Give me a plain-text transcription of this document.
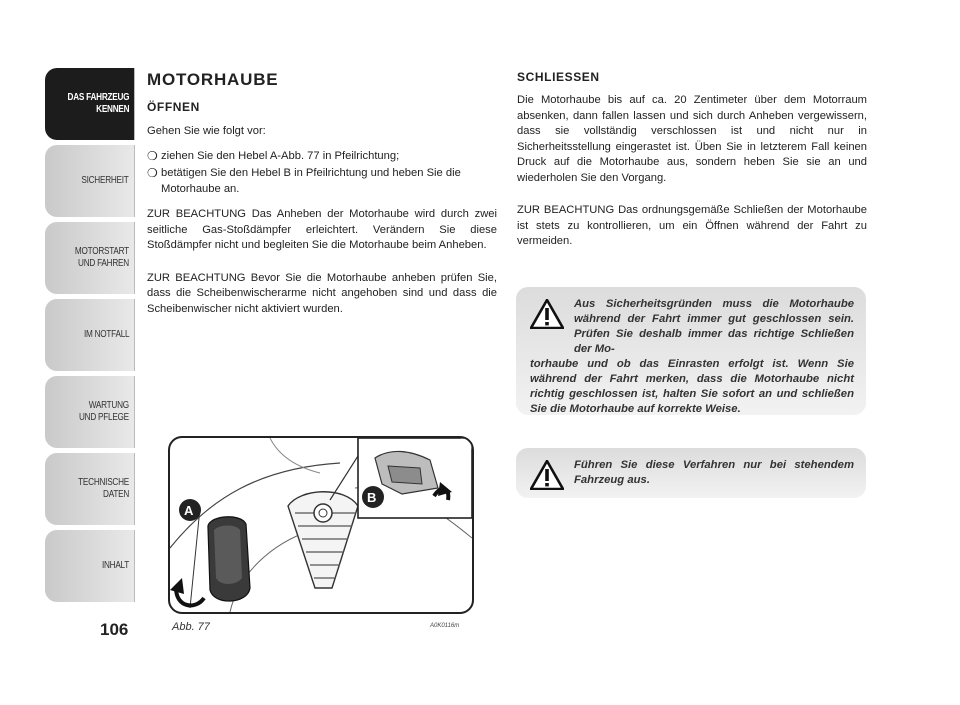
DAS FAHRZEUG
KENNEN
SICHERHEIT
MOTORSTART
UND FAHREN
IM NOTFALL
WARTUNG
UND PFLEGE
TECHNISCHE
DATEN
INHALT
106
MOTORHAUBE
ÖFFNEN

Gehen Sie wie folgt vor:

❍ ziehen Sie den Hebel A-Abb. 77 in Pfeilrichtung;
❍ betätigen Sie den Hebel B in Pfeilrichtung und heben Sie die Motorhaube an.

ZUR BEACHTUNG Das Anheben der Motorhaube wird durch zwei seitliche Gas-Stoßdämpfer erleichtert. Verändern Sie diese Stoßdämpfer nicht und begleiten Sie die Motorhaube beim Anheben.

ZUR BEACHTUNG Bevor Sie die Motorhaube anheben prüfen Sie, dass die Scheibenwischerarme nicht angehoben sind und dass die Scheibenwischer nicht aktiviert wurden.

SCHLIESSEN

Die Motorhaube bis auf ca. 20 Zentimeter über dem Motorraum absenken, dann fallen lassen und sich durch Anheben vergewissern, dass sie vollständig verschlossen ist und nicht nur in Sicherheitsstellung eingerastet ist. Üben Sie in letzterem Fall keinen Druck auf die Motorhaube aus, sondern heben Sie sie an und wiederholen Sie den Vorgang.

ZUR BEACHTUNG Das ordnungsgemäße Schließen der Motorhaube ist stets zu kontrollieren, um ein Öffnen während der Fahrt zu vermeiden.

Aus Sicherheitsgründen muss die Motorhaube während der Fahrt immer gut geschlossen sein. Prüfen Sie deshalb immer das richtige Schließen der Mo-
torhaube und ob das Einrasten erfolgt ist. Wenn Sie während der Fahrt merken, dass die Motorhaube nicht richtig geschlossen ist, halten Sie sofort an und schließen Sie die Motorhaube auf korrekte Weise.
Führen Sie diese Verfahren nur bei stehendem Fahrzeug aus.
A
B
Abb. 77	A0K0116m
